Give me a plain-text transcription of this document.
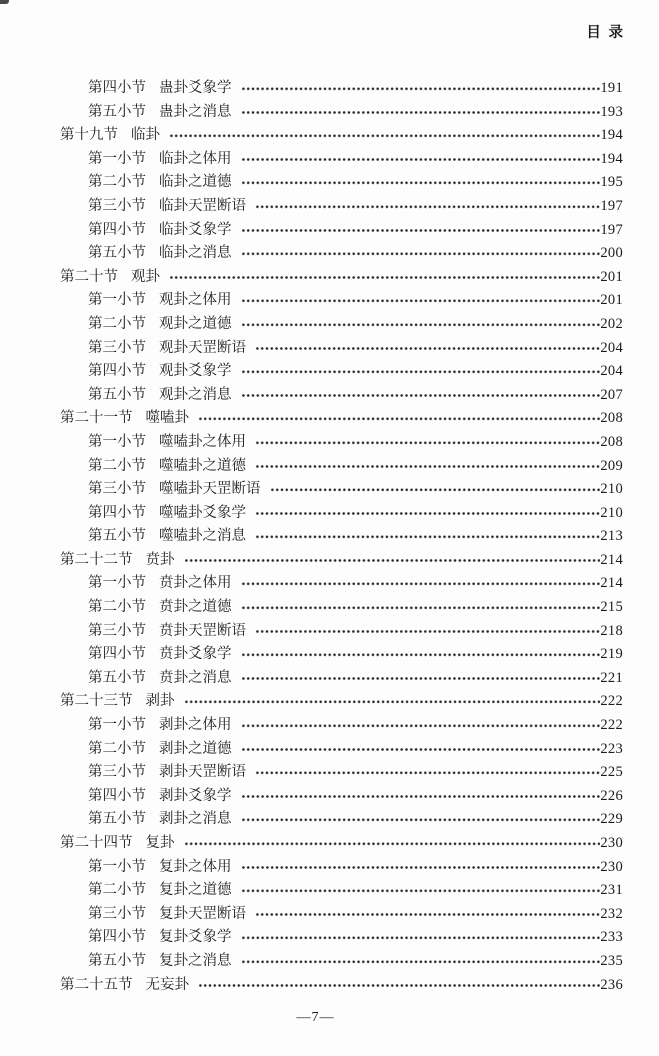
目 录
第四小节 蛊卦爻象学	191
第五小节 蛊卦之消息	193
第十九节 临卦	194
第一小节 临卦之体用	194
第二小节 临卦之道德	195
第三小节 临卦天罡断语	197
第四小节 临卦爻象学	197
第五小节 临卦之消息	200
第二十节 观卦	201
第一小节 观卦之体用	201
第二小节 观卦之道德	202
第三小节 观卦天罡断语	204
第四小节 观卦爻象学	204
第五小节 观卦之消息	207
第二十一节 噬嗑卦	208
第一小节 噬嗑卦之体用	208
第二小节 噬嗑卦之道德	209
第三小节 噬嗑卦天罡断语	210
第四小节 噬嗑卦爻象学	210
第五小节 噬嗑卦之消息	213
第二十二节 贲卦	214
第一小节 贲卦之体用	214
第二小节 贲卦之道德	215
第三小节 贲卦天罡断语	218
第四小节 贲卦爻象学	219
第五小节 贲卦之消息	221
第二十三节 剥卦	222
第一小节 剥卦之体用	222
第二小节 剥卦之道德	223
第三小节 剥卦天罡断语	225
第四小节 剥卦爻象学	226
第五小节 剥卦之消息	229
第二十四节 复卦	230
第一小节 复卦之体用	230
第二小节 复卦之道德	231
第三小节 复卦天罡断语	232
第四小节 复卦爻象学	233
第五小节 复卦之消息	235
第二十五节 无妄卦	236
—7—
